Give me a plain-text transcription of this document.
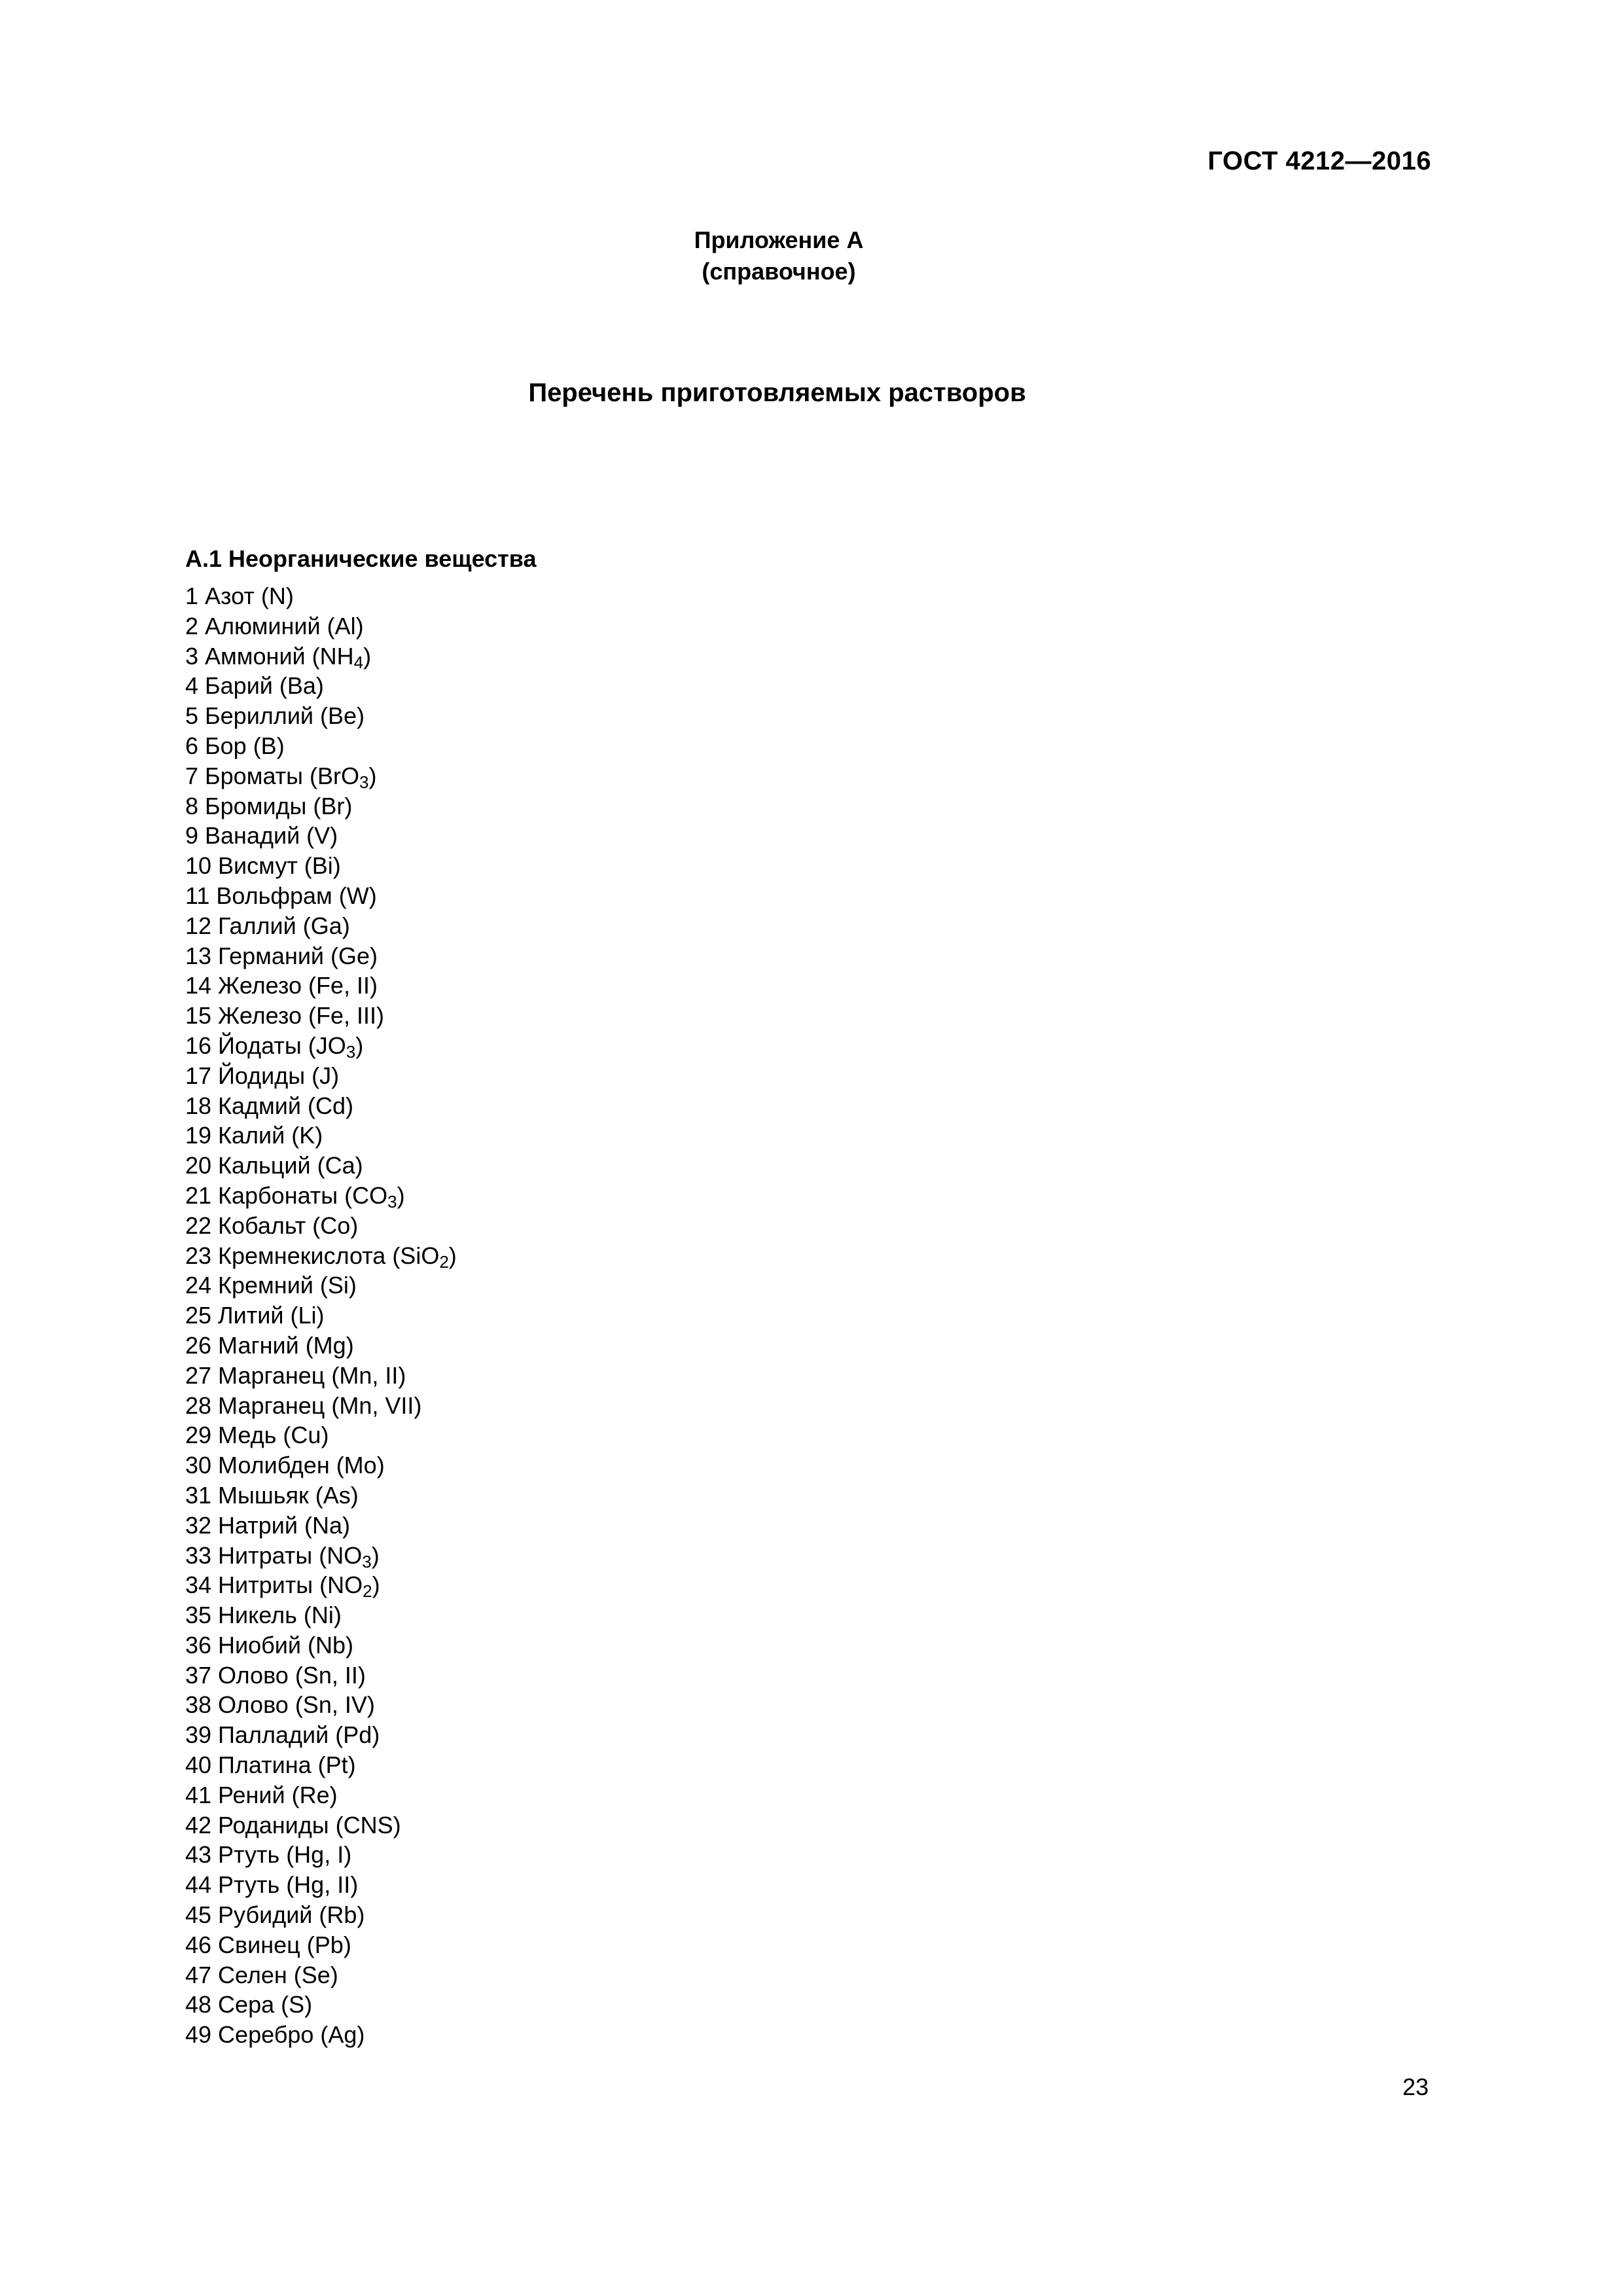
ГОСТ 4212—2016
Приложение А
(справочное)
Перечень приготовляемых растворов
А.1 Неорганические вещества
1 Азот (N)
2 Алюминий (Al)
3 Аммоний $(NH_4)$
4 Барий (Ba)
5 Бериллий (Be)
6 Бор (B)
7 Броматы (BrO$_3$)
8 Бромиды (Br)
9 Ванадий (V)
10 Висмут (Bi)
11 Вольфрам (W)
12 Галлий (Ga)
13 Германий (Ge)
14 Железо (Fe, II)
15 Железо (Fe, III)
16 Йодаты $(JO_3)$
17 Йодиды (J)
18 Кадмий (Cd)
19 Калий (K)
20 Кальций (Ca)
21 Карбонаты $(CO_3)$
22 Кобальт (Co)
23 Кремнекислота (SiO$_2$)
24 Кремний (Si)
25 Литий (Li)
26 Магний (Mg)
27 Марганец (Mn, II)
28 Марганец (Mn, VII)
29 Медь (Cu)
30 Молибден (Mo)
31 Мышьяк (As)
32 Натрий (Na)
33 Нитраты $(NO_3)$
34 Нитриты $(NO_2)$
35 Никель (Ni)
36 Ниобий (Nb)
37 Олово (Sn, II)
38 Олово (Sn, IV)
39 Палладий (Pd)
40 Платина (Pt)
41 Рений (Re)
42 Роданиды (CNS)
43 Ртуть (Hg, I)
44 Ртуть (Hg, II)
45 Рубидий (Rb)
46 Свинец (Pb)
47 Селен (Se)
48 Сера (S)
49 Серебро (Ag)
23
